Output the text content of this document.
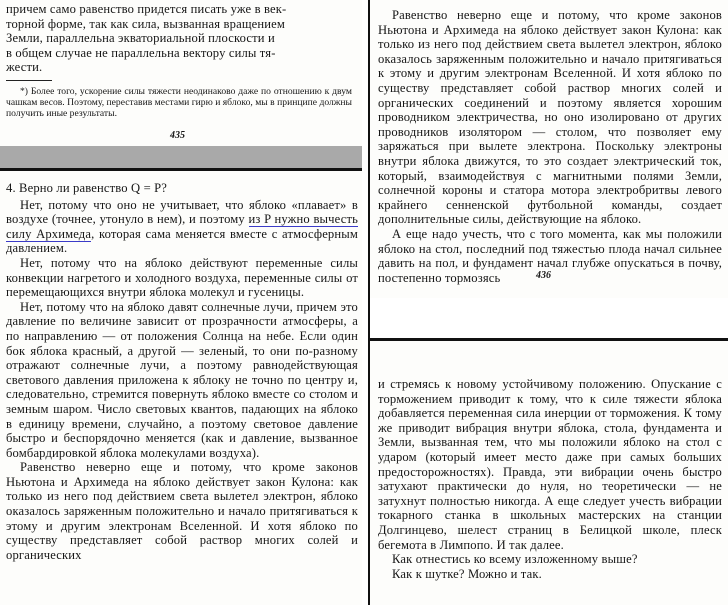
причем само равенство придется писать уже в век-
торной форме, так как сила, вызванная вращением
Земли, параллельна экваториальной плоскости и
в общем случае не параллельна вектору силы тя-
жести.

*) Более того, ускорение силы тяжести неодинаково даже по отношению к двум чашкам весов. Поэтому, переставив местами гирю и яблоко, мы в принципе должны получить иные результаты.

435

4. Верно ли равенство Q = P?

Нет, потому что оно не учитывает, что яблоко «плавает» в воздухе (точнее, утонуло в нем), и поэтому из P нужно вычесть силу Архимеда, которая сама меняется вместе с атмосферным давлением.

Нет, потому что на яблоко действуют переменные силы конвекции нагретого и холодного воздуха, переменные силы от перемещающихся внутри яблока молекул и гусеницы.

Нет, потому что на яблоко давят солнечные лучи, причем это давление по величине зависит от прозрачности атмосферы, а по направлению — от положения Солнца на небе. Если один бок яблока красный, а другой — зеленый, то они по-разному отражают солнечные лучи, а поэтому равнодействующая светового давления приложена к яблоку не точно по центру и, следовательно, стремится повернуть яблоко вместе со столом и земным шаром. Число световых квантов, падающих на яблоко в единицу времени, случайно, а поэтому световое давление быстро и беспорядочно меняется (как и давление, вызванное бомбардировкой яблока молекулами воздуха).

Равенство неверно еще и потому, что кроме законов Ньютона и Архимеда на яблоко действует закон Кулона: как только из него под действием света вылетел электрон, яблоко оказалось заряженным положительно и начало притягиваться к этому и другим электронам Вселенной. И хотя яблоко по существу представляет собой раствор многих солей и органических

Равенство неверно еще и потому, что кроме законов Ньютона и Архимеда на яблоко действует закон Кулона: как только из него под действием света вылетел электрон, яблоко оказалось заряженным положительно и начало притягиваться к этому и другим электронам Вселенной. И хотя яблоко по существу представляет собой раствор многих солей и органических соединений и поэтому является хорошим проводником электричества, но оно изолировано от других проводников изолятором — столом, что позволяет ему заряжаться при вылете электрона. Поскольку электроны внутри яблока движутся, то это создает электрический ток, который, взаимодействуя с магнитными полями Земли, солнечной короны и статора мотора электробритвы левого крайнего сенненской футбольной команды, создает дополнительные силы, действующие на яблоко.

А еще надо учесть, что с того момента, как мы положили яблоко на стол, последний под тяжестью плода начал сильнее давить на пол, и фундамент начал глубже опускаться в почву, постепенно тормозясь	436

и стремясь к новому устойчивому положению. Опускание с торможением приводит к тому, что к силе тяжести яблока добавляется переменная сила инерции от торможения. К тому же приводит вибрация внутри яблока, стола, фундамента и Земли, вызванная тем, что мы положили яблоко на стол с ударом (который имеет место даже при самых больших предосторожностях). Правда, эти вибрации очень быстро затухают практически до нуля, но теоретически — не затухнут полностью никогда. А еще следует учесть вибрации токарного станка в школьных мастерских на станции Долгинцево, шелест страниц в Белицкой школе, плеск бегемота в Лимпопо. И так далее.

Как отнестись ко всему изложенному выше?

Как к шутке? Можно и так.
